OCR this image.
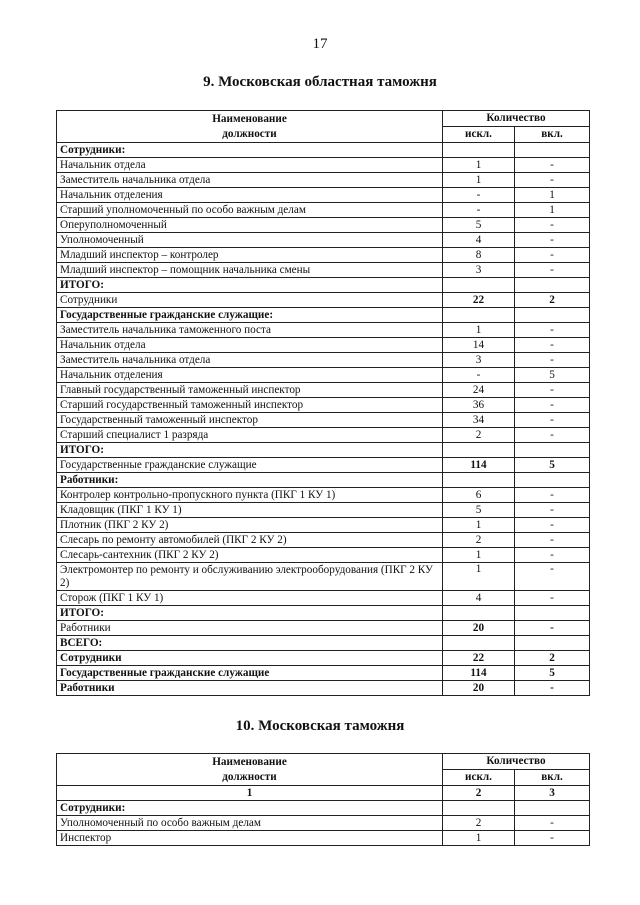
17
9. Московская областная таможня
Наименование
должности	Количество	
	искл.	вкл.
Сотрудники:		
Начальник отдела	1	-
Заместитель начальника отдела	1	-
Начальник отделения	-	1
Старший уполномоченный по особо важным делам	-	1
Оперуполномоченный	5	-
Уполномоченный	4	-
Младший инспектор – контролер	8	-
Младший инспектор – помощник начальника смены	3	-
ИТОГО:		
Сотрудники	22	2
Государственные гражданские служащие:		
Заместитель начальника таможенного поста	1	-
Начальник отдела	14	-
Заместитель начальника отдела	3	-
Начальник отделения	-	5
Главный государственный таможенный инспектор	24	-
Старший государственный таможенный инспектор	36	-
Государственный таможенный инспектор	34	-
Старший специалист 1 разряда	2	-
ИТОГО:		
Государственные гражданские служащие	114	5
Работники:		
Контролер контрольно-пропускного пункта (ПКГ 1 КУ 1)	6	-
Кладовщик (ПКГ 1 КУ 1)	5	-
Плотник (ПКГ 2 КУ 2)	1	-
Слесарь по ремонту автомобилей (ПКГ 2 КУ 2)	2	-
Слесарь-сантехник (ПКГ 2 КУ 2)	1	-
Электромонтер по ремонту и обслуживанию электрооборудования (ПКГ 2 КУ 2)	1	-
Сторож (ПКГ 1 КУ 1)	4	-
ИТОГО:		
Работники	20	-
ВСЕГО:		
Сотрудники	22	2
Государственные гражданские служащие	114	5
Работники	20	-
10. Московская таможня
Наименование
должности	Количество	
	искл.	вкл.
1	2	3
Сотрудники:		
Уполномоченный по особо важным делам	2	-
Инспектор	1	-
